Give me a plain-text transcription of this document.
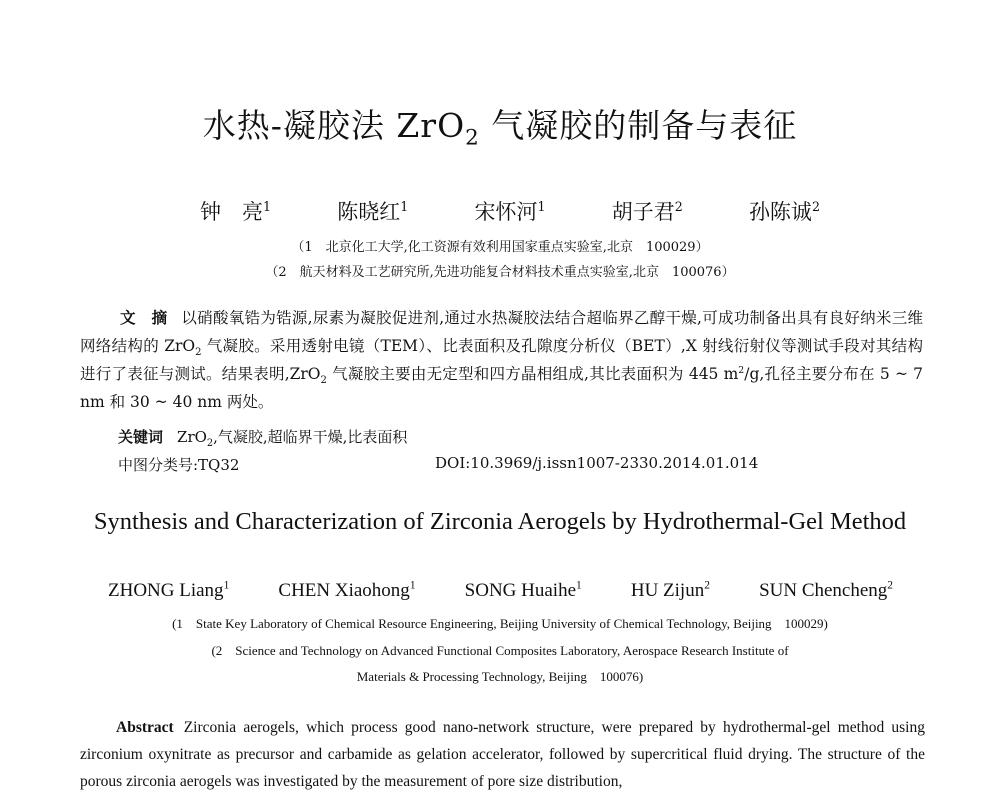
水热-凝胶法 ZrO$_2$ 气凝胶的制备与表征
钟　亮$^1$	陈晓红$^1$	宋怀河$^1$	胡子君$^2$	孙陈诚$^2$
（1　北京化工大学,化工资源有效利用国家重点实验室,北京　100029）
（2　航天材料及工艺研究所,先进功能复合材料技术重点实验室,北京　100076）
文　摘 以硝酸氧锆为锆源,尿素为凝胶促进剂,通过水热凝胶法结合超临界乙醇干燥,可成功制备出具有良好纳米三维网络结构的 ZrO$_2$ 气凝胶。采用透射电镜（TEM）、比表面积及孔隙度分析仪（BET）,X 射线衍射仪等测试手段对其结构进行了表征与测试。结果表明,ZrO$_2$ 气凝胶主要由无定型和四方晶相组成,其比表面积为 445 $m^2/g$,孔径主要分布在 5 ~ 7 nm 和 30 ~ 40 nm 两处。
关键词 ZrO$_2$,气凝胶,超临界干燥,比表面积
中图分类号:TQ32	DOI:10.3969/j.issn1007-2330.2014.01.014
Synthesis and Characterization of Zirconia Aerogels by Hydrothermal-Gel Method
ZHONG Liang$^1$	CHEN Xiaohong$^1$	SONG Huaihe$^1$	HU Zijun$^2$	SUN Chencheng$^2$
(1　State Key Laboratory of Chemical Resource Engineering, Beijing University of Chemical Technology, Beijing　100029)
(2　Science and Technology on Advanced Functional Composites Laboratory, Aerospace Research Institute of
Materials & Processing Technology, Beijing　100076)
Abstract Zirconia aerogels, which process good nano-network structure, were prepared by hydrothermal-gel method using zirconium oxynitrate as precursor and carbamide as gelation accelerator, followed by supercritical fluid drying. The structure of the porous zirconia aerogels was investigated by the measurement of pore size distribution,
